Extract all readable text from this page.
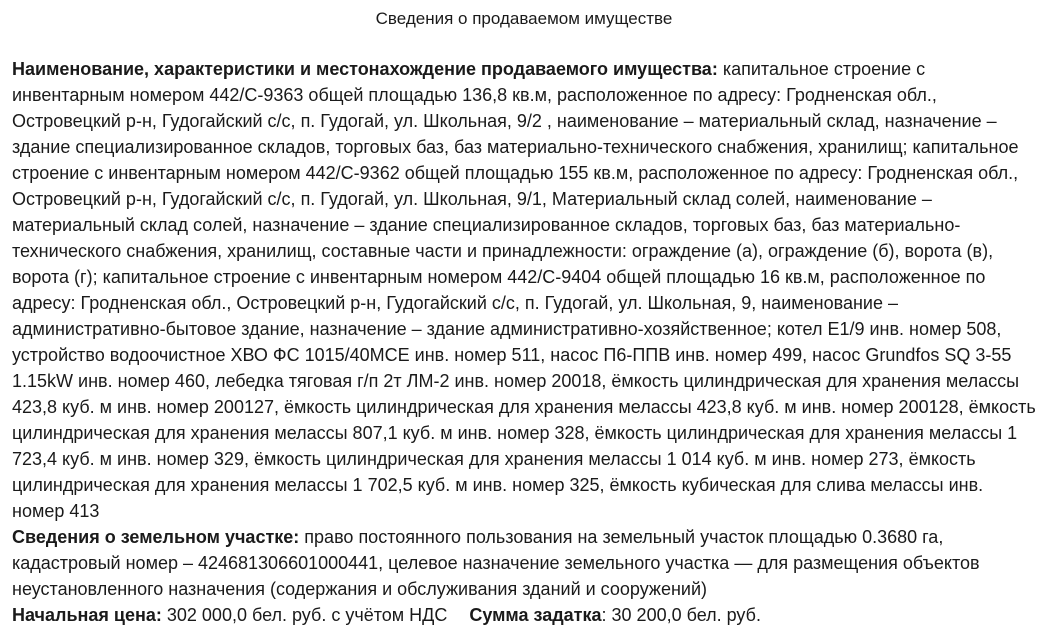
Сведения о продаваемом имуществе

Наименование, характеристики и местонахождение продаваемого имущества: капитальное строение с инвентарным номером 442/С-9363 общей площадью 136,8 кв.м, расположенное по адресу: Гродненская обл., Островецкий р-н, Гудогайский с/с, п. Гудогай, ул. Школьная, 9/2 , наименование – материальный склад, назначение – здание специализированное складов, торговых баз, баз материально-технического снабжения, хранилищ; капитальное строение с инвентарным номером 442/С-9362 общей площадью 155 кв.м, расположенное по адресу: Гродненская обл., Островецкий р-н, Гудогайский с/с, п. Гудогай, ул. Школьная, 9/1, Материальный склад солей, наименование – материальный склад солей, назначение – здание специализированное складов, торговых баз, баз материально-технического снабжения, хранилищ, составные части и принадлежности: ограждение (а), ограждение (б), ворота (в), ворота (г); капитальное строение с инвентарным номером 442/С-9404 общей площадью 16 кв.м, расположенное по адресу: Гродненская обл., Островецкий р-н, Гудогайский с/с, п. Гудогай, ул. Школьная, 9, наименование – административно-бытовое здание, назначение – здание административно-хозяйственное; котел Е1/9 инв. номер 508, устройство водоочистное ХВО ФС 1015/40МСЕ инв. номер 511, насос П6-ППВ инв. номер 499, насос Grundfos SQ 3-55 1.15kW инв. номер 460, лебедка тяговая г/п 2т ЛМ-2 инв. номер 20018, ёмкость цилиндрическая для хранения мелассы 423,8 куб. м инв. номер 200127, ёмкость цилиндрическая для хранения мелассы 423,8 куб. м инв. номер 200128, ёмкость цилиндрическая для хранения мелассы 807,1 куб. м инв. номер 328, ёмкость цилиндрическая для хранения мелассы 1 723,4 куб. м инв. номер 329, ёмкость цилиндрическая для хранения мелассы 1 014 куб. м инв. номер 273, ёмкость цилиндрическая для хранения мелассы 1 702,5 куб. м инв. номер 325, ёмкость кубическая для слива мелассы инв. номер 413

Сведения о земельном участке: право постоянного пользования на земельный участок площадью 0.3680 га, кадастровый номер – 424681306601000441, целевое назначение земельного участка — для размещения объектов неустановленного назначения (содержания и обслуживания зданий и сооружений)

Начальная цена: 302 000,0 бел. руб. с учётом НДС Сумма задатка: 30 200,0 бел. руб.
